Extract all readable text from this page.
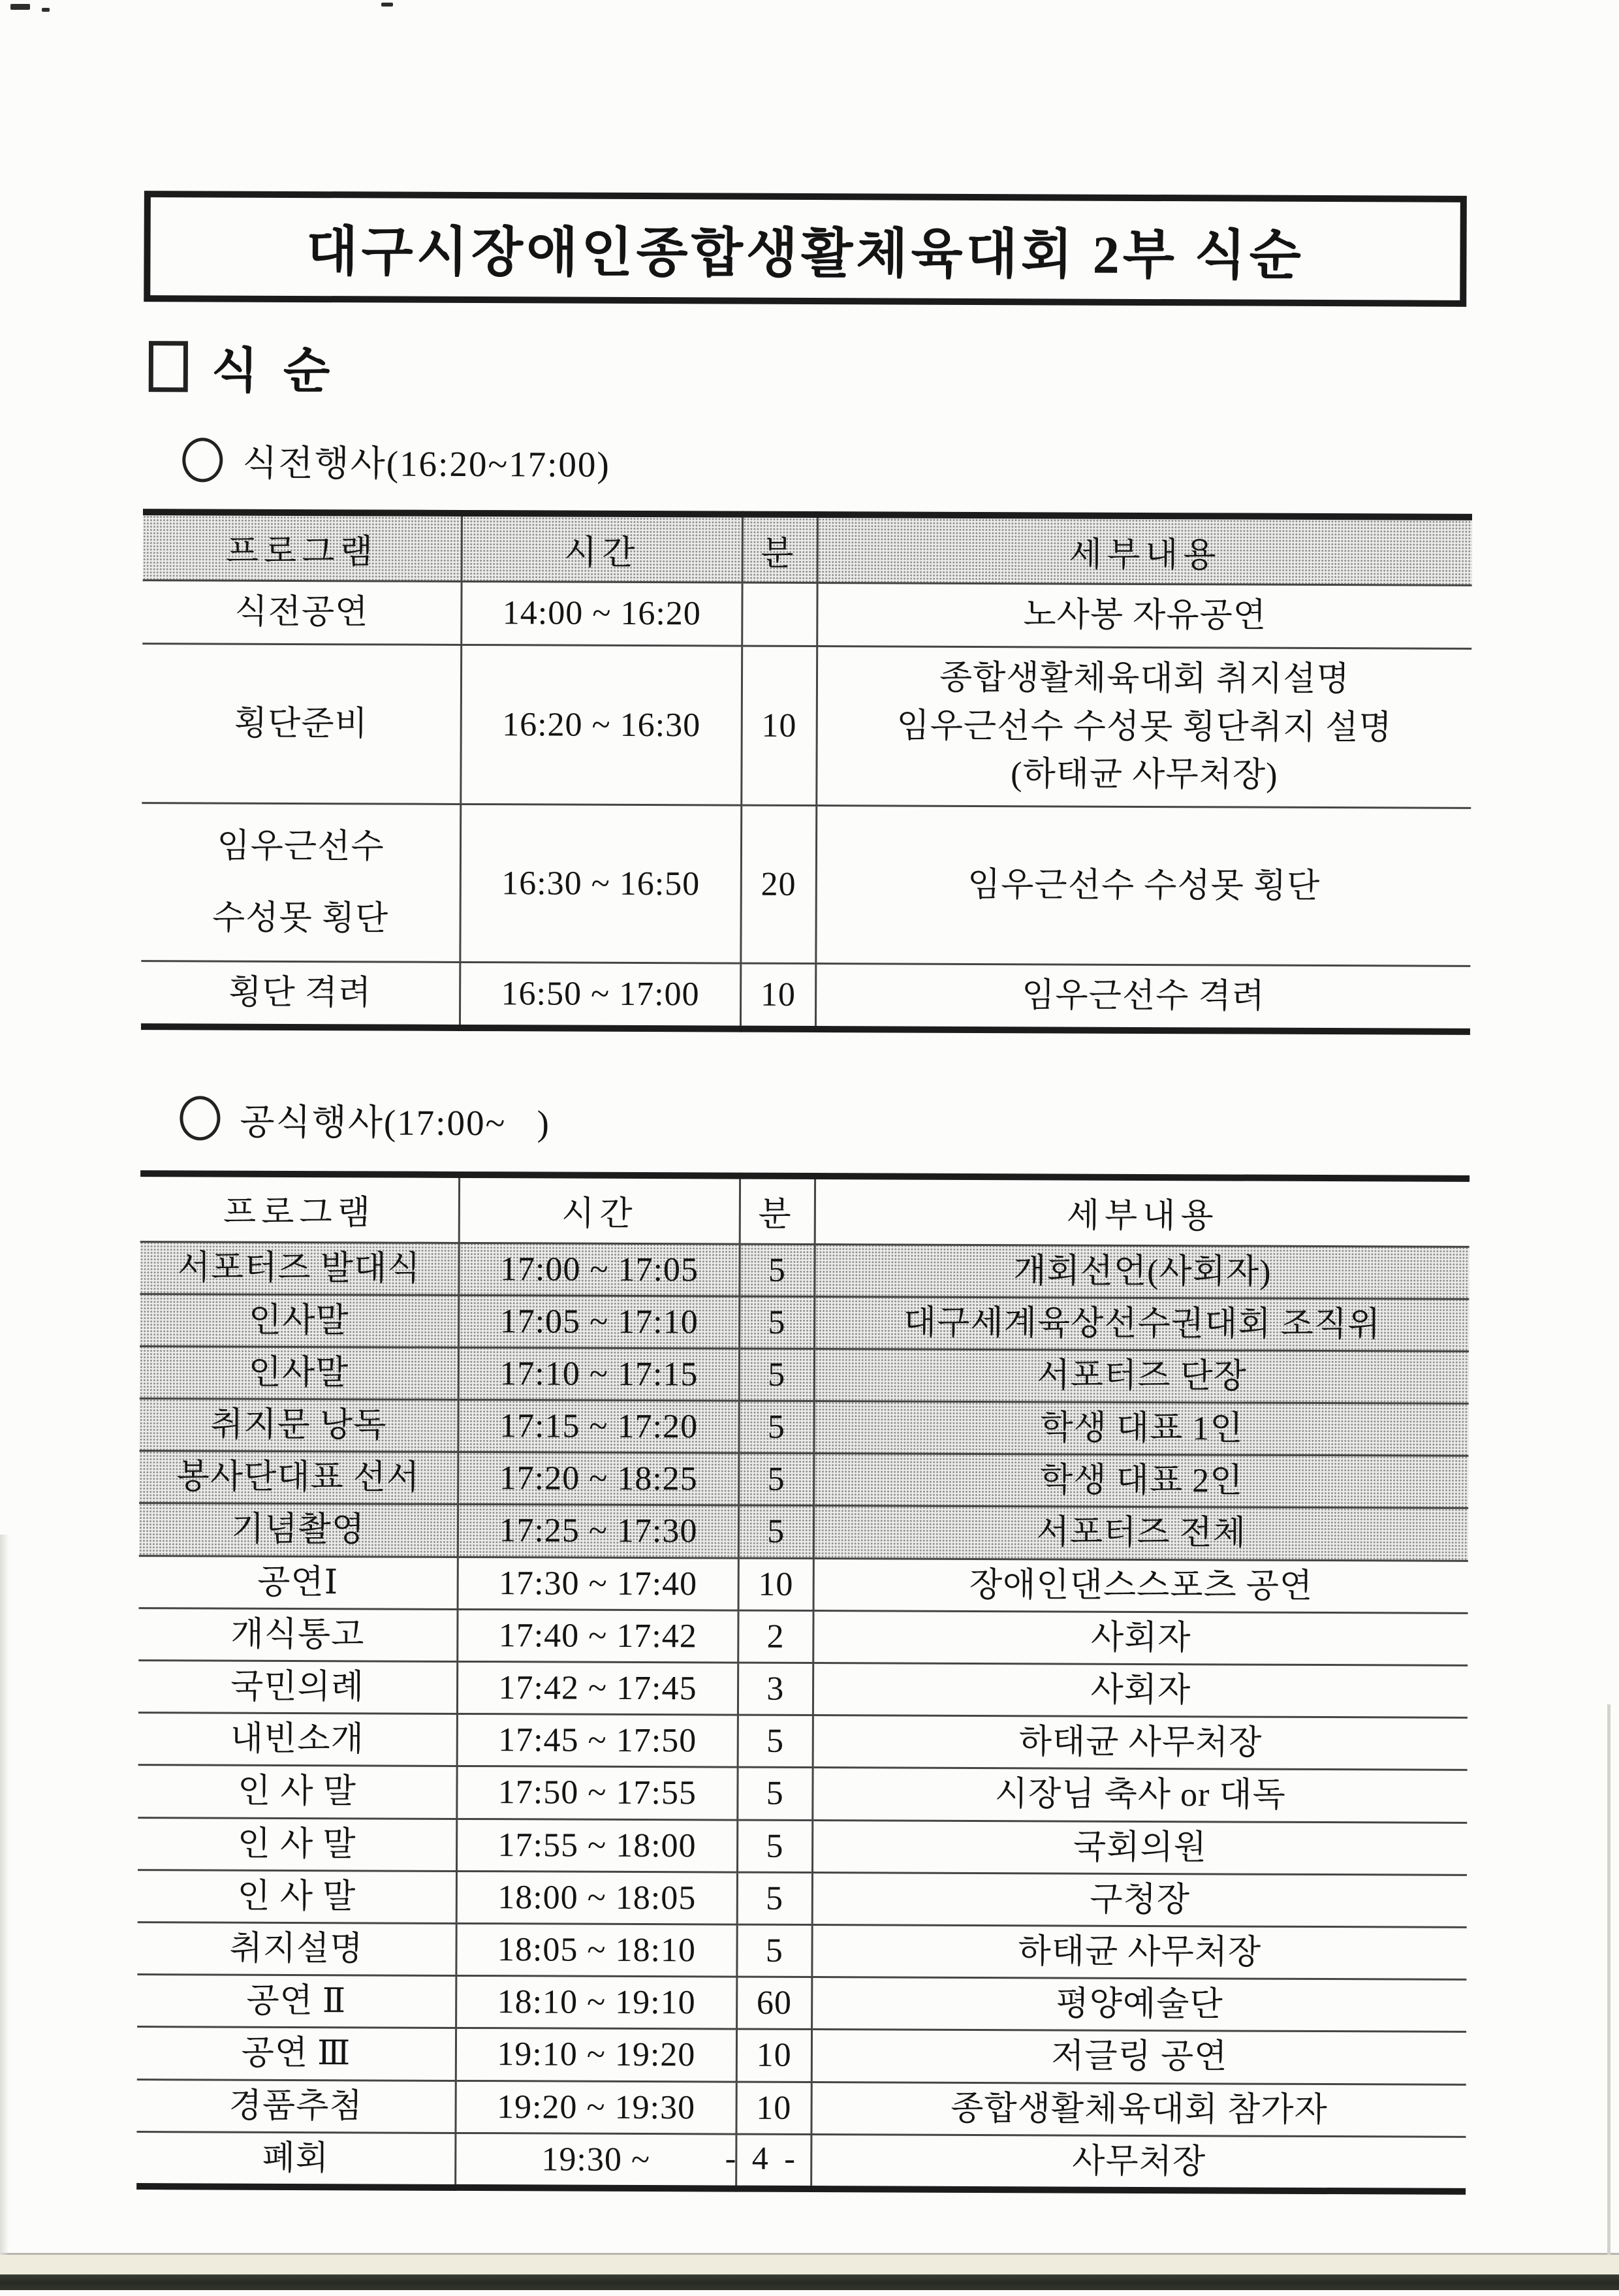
대구시장애인종합생활체육대회 2부 식순
식 순
식전행사(16:20~17:00)
프로그램	시간	분	세부내용
식전공연	14:00 ~ 16:20		노사봉 자유공연
횡단준비	16:20 ~ 16:30	10	종합생활체육대회 취지설명
임우근선수 수성못 횡단취지 설명
(하태균 사무처장)
임우근선수
수성못 횡단	16:30 ~ 16:50	20	임우근선수 수성못 횡단
횡단 격려	16:50 ~ 17:00	10	임우근선수 격려
공식행사(17:00~   )
프로그램	시간	분	세부내용
서포터즈 발대식	17:00 ~ 17:05	5	개회선언(사회자)
인사말	17:05 ~ 17:10	5	대구세계육상선수권대회 조직위
인사말	17:10 ~ 17:15	5	서포터즈 단장
취지문 낭독	17:15 ~ 17:20	5	학생 대표 1인
봉사단대표 선서	17:20 ~ 18:25	5	학생 대표 2인
기념촬영	17:25 ~ 17:30	5	서포터즈 전체
공연Ⅰ	17:30 ~ 17:40	10	장애인댄스스포츠 공연
개식통고	17:40 ~ 17:42	2	사회자
국민의례	17:42 ~ 17:45	3	사회자
내빈소개	17:45 ~ 17:50	5	하태균 사무처장
인 사 말	17:50 ~ 17:55	5	시장님 축사 or 대독
인 사 말	17:55 ~ 18:00	5	국회의원
인 사 말	18:00 ~ 18:05	5	구청장
취지설명	18:05 ~ 18:10	5	하태균 사무처장
공연 Ⅱ	18:10 ~ 19:10	60	평양예술단
공연 Ⅲ	19:10 ~ 19:20	10	저글링 공연
경품추첨	19:20 ~ 19:30	10	종합생활체육대회 참가자
폐회	19:30 ~		사무처장
- 4 -
